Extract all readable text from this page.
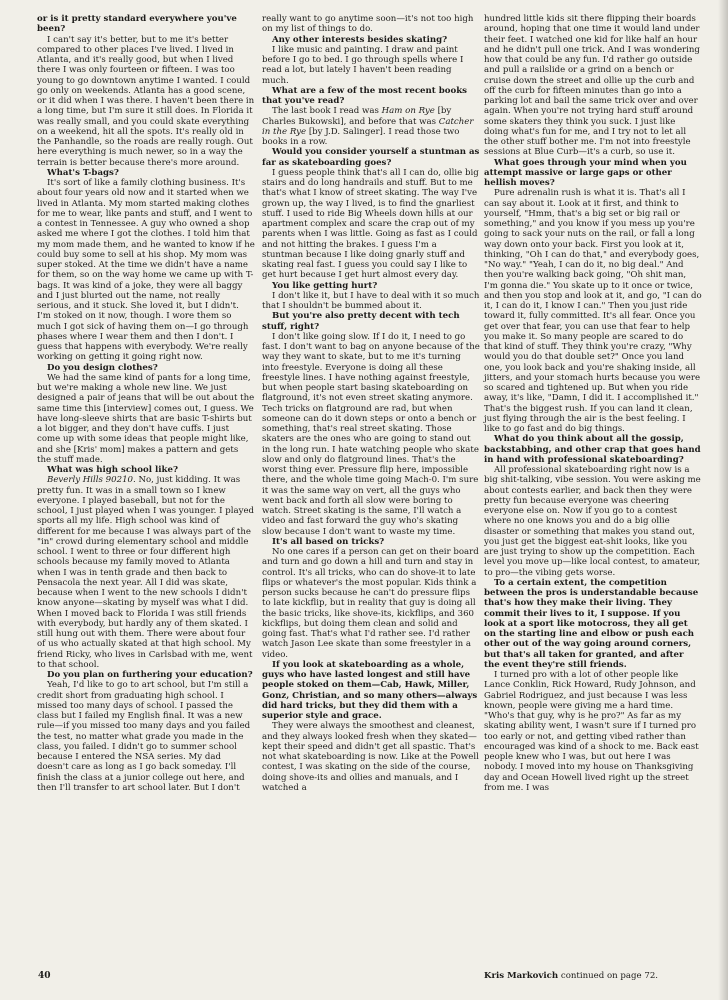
or is it pretty standard everywhere you've been?

I can't say it's better, but to me it's better compared to other places I've lived. I lived in Atlanta, and it's really good, but when I lived there I was only fourteen or fifteen. I was too young to go downtown anytime I wanted. I could go only on weekends. Atlanta has a good scene, or it did when I was there. I haven't been there in a long time, but I'm sure it still does. In Florida it was really small, and you could skate everything on a weekend, hit all the spots. It's really old in the Panhandle, so the roads are really rough. Out here everything is much newer, so in a way the terrain is better because there's more around.

What's T-bags?

It's sort of like a family clothing business. It's about four years old now and it started when we lived in Atlanta. My mom started making clothes for me to wear, like pants and stuff, and I went to a contest in Tennessee. A guy who owned a shop asked me where I got the clothes. I told him that my mom made them, and he wanted to know if he could buy some to sell at his shop. My mom was super stoked. At the time we didn't have a name for them, so on the way home we came up with T-bags. It was kind of a joke, they were all baggy and I just blurted out the name, not really serious, and it stuck. She loved it, but I didn't. I'm stoked on it now, though. I wore them so much I got sick of having them on—I go through phases where I wear them and then I don't. I guess that happens with everybody. We're really working on getting it going right now.

Do you design clothes?

We had the same kind of pants for a long time, but we're making a whole new line. We just designed a pair of jeans that will be out about the same time this [interview] comes out, I guess. We have long-sleeve shirts that are basic T-shirts but a lot bigger, and they don't have cuffs. I just come up with some ideas that people might like, and she [Kris' mom] makes a pattern and gets the stuff made.

What was high school like?

Beverly Hills 90210. No, just kidding. It was pretty fun. It was in a small town so I knew everyone. I played baseball, but not for the school, I just played when I was younger. I played sports all my life. High school was kind of different for me because I was always part of the "in" crowd during elementary school and middle school. I went to three or four different high schools because my family moved to Atlanta when I was in tenth grade and then back to Pensacola the next year. All I did was skate, because when I went to the new schools I didn't know anyone—skating by myself was what I did. When I moved back to Florida I was still friends with everybody, but hardly any of them skated. I still hung out with them. There were about four of us who actually skated at that high school. My friend Ricky, who lives in Carlsbad with me, went to that school.

Do you plan on furthering your education?

Yeah, I'd like to go to art school, but I'm still a credit short from graduating high school. I missed too many days of school. I passed the class but I failed my English final. It was a new rule—if you missed too many days and you failed the test, no matter what grade you made in the class, you failed. I didn't go to summer school because I entered the NSA series. My dad doesn't care as long as I go back someday. I'll finish the class at a junior college out here, and then I'll transfer to art school later. But I don't

really want to go anytime soon—it's not too high on my list of things to do.

Any other interests besides skating?

I like music and painting. I draw and paint before I go to bed. I go through spells where I read a lot, but lately I haven't been reading much.

What are a few of the most recent books that you've read?

The last book I read was Ham on Rye [by Charles Bukowski], and before that was Catcher in the Rye [by J.D. Salinger]. I read those two books in a row.

Would you consider yourself a stuntman as far as skateboarding goes?

I guess people think that's all I can do, ollie big stairs and do long handrails and stuff. But to me that's what I know of street skating. The way I've grown up, the way I lived, is to find the gnarliest stuff. I used to ride Big Wheels down hills at our apartment complex and scare the crap out of my parents when I was little. Going as fast as I could and not hitting the brakes. I guess I'm a stuntman because I like doing gnarly stuff and skating real fast. I guess you could say I like to get hurt because I get hurt almost every day.

You like getting hurt?

I don't like it, but I have to deal with it so much that I shouldn't be bummed about it.

But you're also pretty decent with tech stuff, right?

I don't like going slow. If I do it, I need to go fast. I don't want to bag on anyone because of the way they want to skate, but to me it's turning into freestyle. Everyone is doing all these freestyle lines. I have nothing against freestyle, but when people start basing skateboarding on flatground, it's not even street skating anymore. Tech tricks on flatground are rad, but when someone can do it down steps or onto a bench or something, that's real street skating. Those skaters are the ones who are going to stand out in the long run. I hate watching people who skate slow and only do flatground lines. That's the worst thing ever. Pressure flip here, impossible there, and the whole time going Mach-0. I'm sure it was the same way on vert, all the guys who went back and forth all slow were boring to watch. Street skating is the same, I'll watch a video and fast forward the guy who's skating slow because I don't want to waste my time.

It's all based on tricks?

No one cares if a person can get on their board and turn and go down a hill and turn and stay in control. It's all tricks, who can do shove-it to late flips or whatever's the most popular. Kids think a person sucks because he can't do pressure flips to late kickflip, but in reality that guy is doing all the basic tricks, like shove-its, kickflips, and 360 kickflips, but doing them clean and solid and going fast. That's what I'd rather see. I'd rather watch Jason Lee skate than some freestyler in a video.

If you look at skateboarding as a whole, guys who have lasted longest and still have people stoked on them—Cab, Hawk, Miller, Gonz, Christian, and so many others—always did hard tricks, but they did them with a superior style and grace.

They were always the smoothest and cleanest, and they always looked fresh when they skated—kept their speed and didn't get all spastic. That's not what skateboarding is now. Like at the Powell contest, I was skating on the side of the course, doing shove-its and ollies and manuals, and I watched a

hundred little kids sit there flipping their boards around, hoping that one time it would land under their feet. I watched one kid for like half an hour and he didn't pull one trick. And I was wondering how that could be any fun. I'd rather go outside and pull a railslide or a grind on a bench or cruise down the street and ollie up the curb and off the curb for fifteen minutes than go into a parking lot and bail the same trick over and over again. When you're not trying hard stuff around some skaters they think you suck. I just like doing what's fun for me, and I try not to let all the other stuff bother me. I'm not into freestyle sessions at Blue Curb—it's a curb, so use it.

What goes through your mind when you attempt massive or large gaps or other hellish moves?

Pure adrenalin rush is what it is. That's all I can say about it. Look at it first, and think to yourself, "Hmm, that's a big set or big rail or something," and you know if you mess up you're going to sack your nuts on the rail, or fall a long way down onto your back. First you look at it, thinking, "Oh I can do that," and everybody goes, "No way." "Yeah, I can do it, no big deal." And then you're walking back going, "Oh shit man, I'm gonna die." You skate up to it once or twice, and then you stop and look at it, and go, "I can do it, I can do it, I know I can." Then you just ride toward it, fully committed. It's all fear. Once you get over that fear, you can use that fear to help you make it. So many people are scared to do that kind of stuff. They think you're crazy, "Why would you do that double set?" Once you land one, you look back and you're shaking inside, all jitters, and your stomach hurts because you were so scared and tightened up. But when you ride away, it's like, "Damn, I did it. I accomplished it." That's the biggest rush. If you can land it clean, just flying through the air is the best feeling. I like to go fast and do big things.

What do you think about all the gossip, backstabbing, and other crap that goes hand in hand with professional skateboarding?

All professional skateboarding right now is a big shit-talking, vibe session. You were asking me about contests earlier, and back then they were pretty fun because everyone was cheering everyone else on. Now if you go to a contest where no one knows you and do a big ollie disaster or something that makes you stand out, you just get the biggest eat-shit looks, like you are just trying to show up the competition. Each level you move up—like local contest, to amateur, to pro—the vibing gets worse.

To a certain extent, the competition between the pros is understandable because that's how they make their living. They commit their lives to it, I suppose. If you look at a sport like motocross, they all get on the starting line and elbow or push each other out of the way going around corners, but that's all taken for granted, and after the event they're still friends.

I turned pro with a lot of other people like Lance Conklin, Rick Howard, Rudy Johnson, and Gabriel Rodriguez, and just because I was less known, people were giving me a hard time. "Who's that guy, why is he pro?" As far as my skating ability went, I wasn't sure if I turned pro too early or not, and getting vibed rather than encouraged was kind of a shock to me. Back east people knew who I was, but out here I was nobody. I moved into my house on Thanksgiving day and Ocean Howell lived right up the street from me. I was

40	Kris Markovich continued on page 72.
